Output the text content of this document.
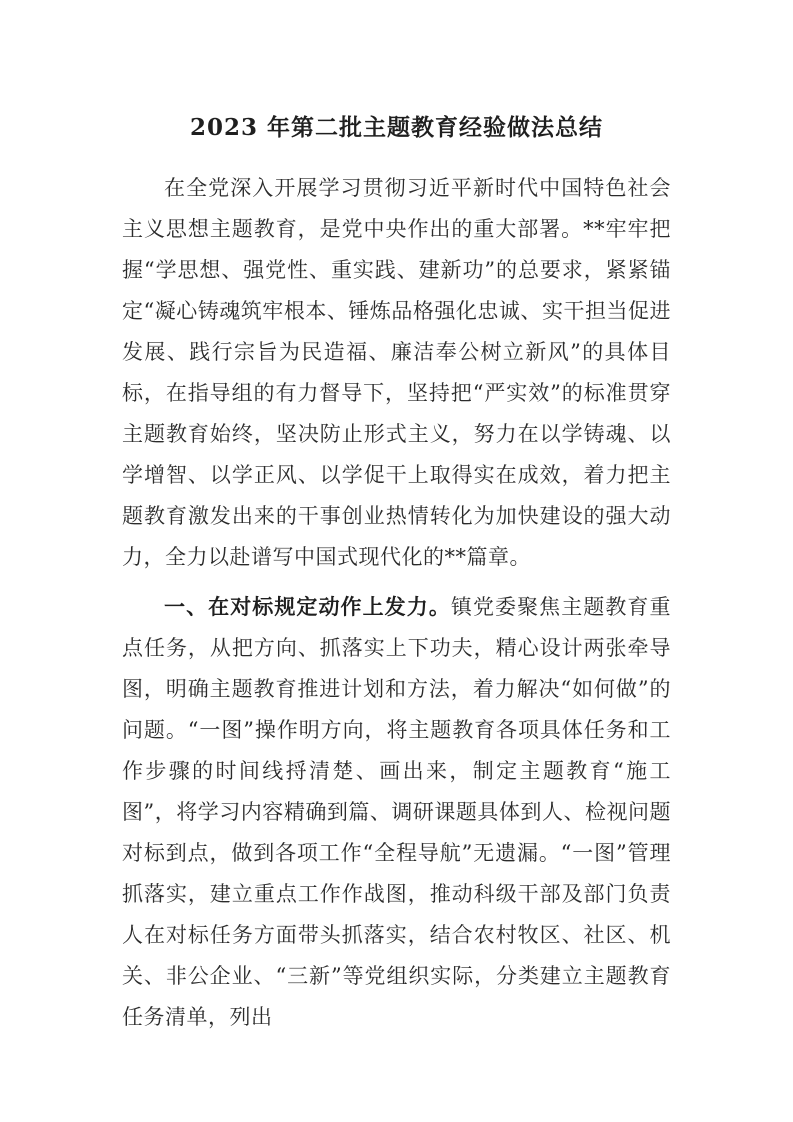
2023 年第二批主题教育经验做法总结

在全党深入开展学习贯彻习近平新时代中国特色社会主义思想主题教育，是党中央作出的重大部署。**牢牢把握“学思想、强党性、重实践、建新功”的总要求，紧紧锚定“凝心铸魂筑牢根本、锤炼品格强化忠诚、实干担当促进发展、践行宗旨为民造福、廉洁奉公树立新风”的具体目标，在指导组的有力督导下，坚持把“严实效”的标准贯穿主题教育始终，坚决防止形式主义，努力在以学铸魂、以学增智、以学正风、以学促干上取得实在成效，着力把主题教育激发出来的干事创业热情转化为加快建设的强大动力，全力以赴谱写中国式现代化的**篇章。

一、在对标规定动作上发力。镇党委聚焦主题教育重点任务，从把方向、抓落实上下功夫，精心设计两张牵导图，明确主题教育推进计划和方法，着力解决“如何做”的问题。“一图”操作明方向，将主题教育各项具体任务和工作步骤的时间线捋清楚、画出来，制定主题教育“施工图”，将学习内容精确到篇、调研课题具体到人、检视问题对标到点，做到各项工作“全程导航”无遗漏。“一图”管理抓落实，建立重点工作作战图，推动科级干部及部门负责人在对标任务方面带头抓落实，结合农村牧区、社区、机关、非公企业、“三新”等党组织实际，分类建立主题教育任务清单，列出
